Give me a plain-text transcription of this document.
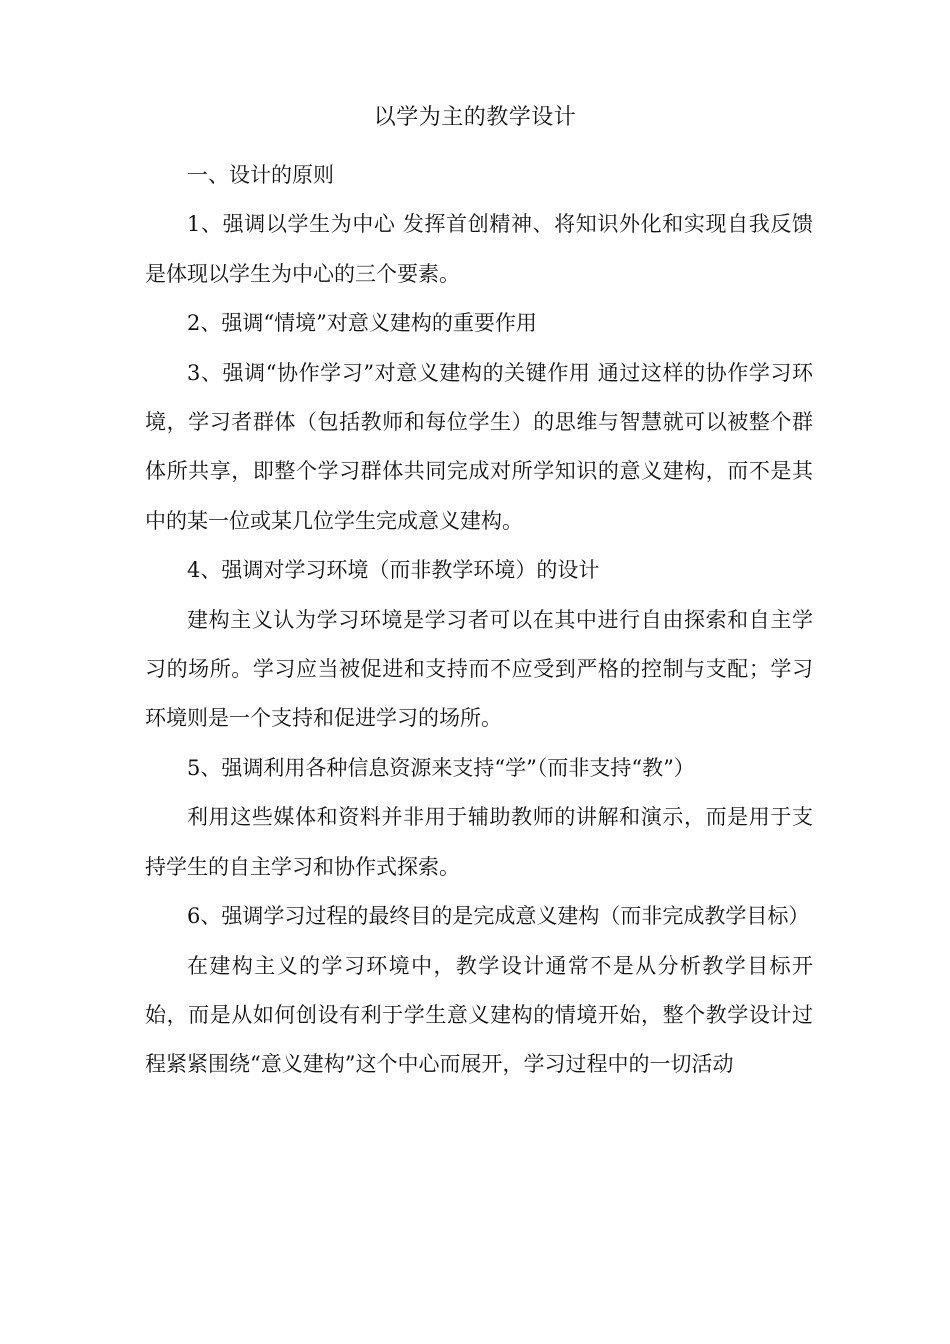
以学为主的教学设计

一、设计的原则

1、强调以学生为中心 发挥首创精神、将知识外化和实现自我反馈是体现以学生为中心的三个要素。

2、强调“情境”对意义建构的重要作用

3、强调“协作学习”对意义建构的关键作用 通过这样的协作学习环境，学习者群体（包括教师和每位学生）的思维与智慧就可以被整个群体所共享，即整个学习群体共同完成对所学知识的意义建构，而不是其中的某一位或某几位学生完成意义建构。

4、强调对学习环境（而非教学环境）的设计

建构主义认为学习环境是学习者可以在其中进行自由探索和自主学习的场所。学习应当被促进和支持而不应受到严格的控制与支配；学习环境则是一个支持和促进学习的场所。

5、强调利用各种信息资源来支持“学”（而非支持“教”）

利用这些媒体和资料并非用于辅助教师的讲解和演示，而是用于支持学生的自主学习和协作式探索。

6、强调学习过程的最终目的是完成意义建构（而非完成教学目标）

在建构主义的学习环境中，教学设计通常不是从分析教学目标开始，而是从如何创设有利于学生意义建构的情境开始，整个教学设计过程紧紧围绕“意义建构”这个中心而展开，学习过程中的一切活动
